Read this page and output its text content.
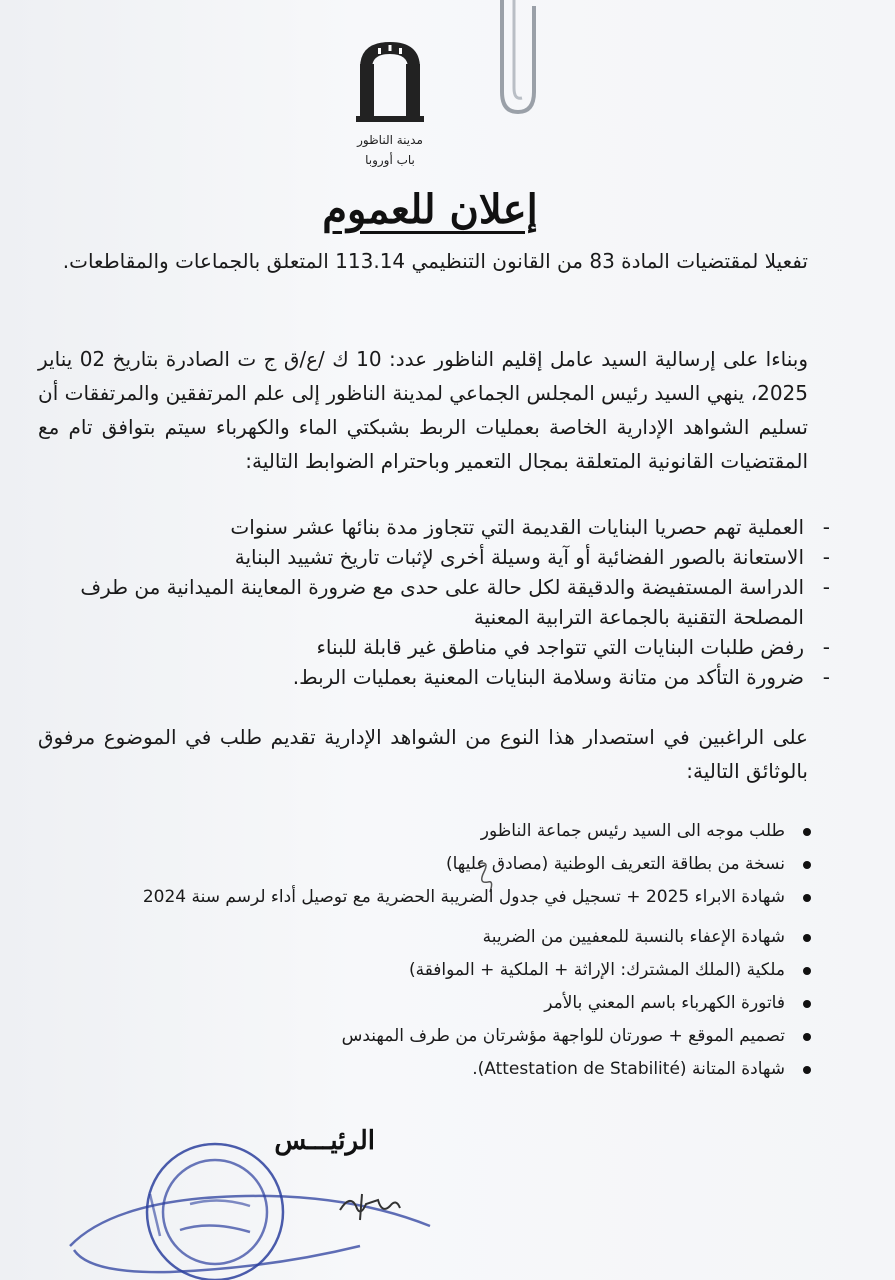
مدينة الناظور
باب أوروبا
إعلان للعموم
تفعيلا لمقتضيات المادة 83 من القانون التنظيمي 113.14 المتعلق بالجماعات والمقاطعات.
وبناءا على إرسالية السيد عامل إقليم الناظور عدد: 10 ك /ع/ق ج ت الصادرة بتاريخ 02 يناير 2025، ينهي السيد رئيس المجلس الجماعي لمدينة الناظور إلى علم المرتفقين والمرتفقات أن تسليم الشواهد الإدارية الخاصة بعمليات الربط بشبكتي الماء والكهرباء سيتم بتوافق تام مع المقتضيات القانونية المتعلقة بمجال التعمير وباحترام الضوابط التالية:
- العملية تهم حصريا البنايات القديمة التي تتجاوز مدة بنائها عشر سنوات
- الاستعانة بالصور الفضائية أو آية وسيلة أخرى لإثبات تاريخ تشييد البناية
- الدراسة المستفيضة والدقيقة لكل حالة على حدى مع ضرورة المعاينة الميدانية من طرف المصلحة التقنية بالجماعة الترابية المعنية
- رفض طلبات البنايات التي تتواجد في مناطق غير قابلة للبناء
- ضرورة التأكد من متانة وسلامة البنايات المعنية بعمليات الربط.
على الراغبين في استصدار هذا النوع من الشواهد الإدارية تقديم طلب في الموضوع مرفوق بالوثائق التالية:
طلب موجه الى السيد رئيس جماعة الناظور
نسخة من بطاقة التعريف الوطنية (مصادق عليها)
شهادة الابراء 2025 + تسجيل في جدول الضريبة الحضرية مع توصيل أداء لرسم سنة 2024
شهادة الإعفاء بالنسبة للمعفيين من الضريبة
ملكية (الملك المشترك: الإراثة + الملكية + الموافقة)
فاتورة الكهرباء باسم المعني بالأمر
تصميم الموقع + صورتان للواجهة مؤشرتان من طرف المهندس
شهادة المتانة (Attestation de Stabilité).
الرئيـــس
